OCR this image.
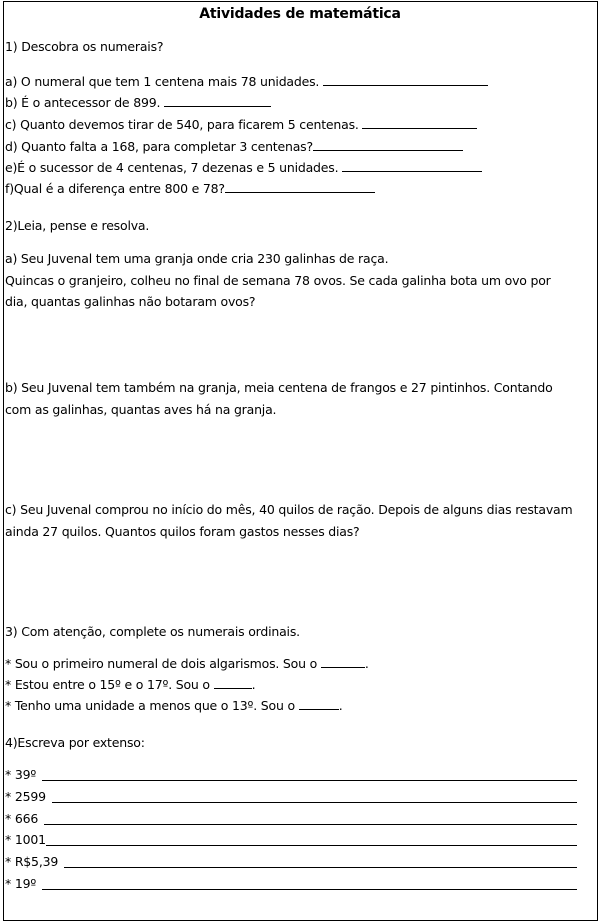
Atividades de matemática
1) Descobra os numerais?
a) O numeral que tem 1 centena mais 78 unidades.
b) É o antecessor de 899.
c) Quanto devemos tirar de 540, para ficarem 5 centenas.
d) Quanto falta a 168, para completar 3 centenas?
e)É o sucessor de 4 centenas, 7 dezenas e 5 unidades.
f)Qual é a diferença entre 800 e 78?
2)Leia, pense e resolva.
a) Seu Juvenal tem uma granja onde cria 230 galinhas de raça.
Quincas o granjeiro, colheu no final de semana 78 ovos. Se cada galinha bota um ovo por
dia, quantas galinhas não botaram ovos?
b) Seu Juvenal tem também na granja, meia centena de frangos e 27 pintinhos. Contando
com as galinhas, quantas aves há na granja.
c) Seu Juvenal comprou no início do mês, 40 quilos de ração. Depois de alguns dias restavam
ainda 27 quilos. Quantos quilos foram gastos nesses dias?
3) Com atenção, complete os numerais ordinais.
* Sou o primeiro numeral de dois algarismos. Sou o	.
* Estou entre o 15º e o 17º. Sou o	.
* Tenho uma unidade a menos que o 13º. Sou o	.
4)Escreva por extenso:
* 39º
* 2599
* 666
* 1001
* R$5,39
* 19º
